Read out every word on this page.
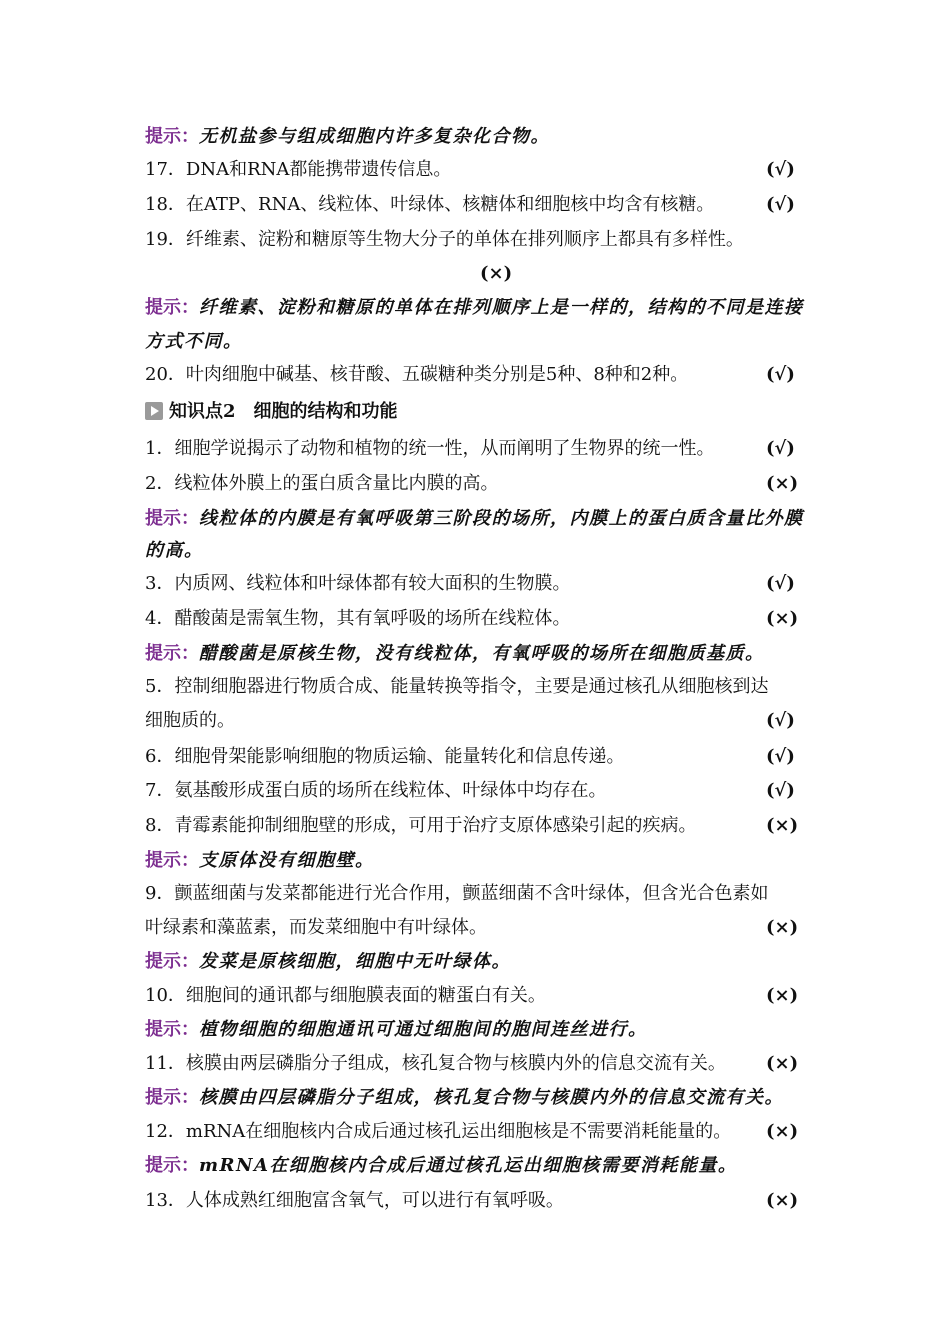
提示：无机盐参与组成细胞内许多复杂化合物。
17．DNA和RNA都能携带遗传信息。	(√)
18．在ATP、RNA、线粒体、叶绿体、核糖体和细胞核中均含有核糖。	(√)
19．纤维素、淀粉和糖原等生物大分子的单体在排列顺序上都具有多样性。
(×)
提示：纤维素、淀粉和糖原的单体在排列顺序上是一样的，结构的不同是连接
方式不同。
20．叶肉细胞中碱基、核苷酸、五碳糖种类分别是5种、8种和2种。	(√)
知识点2 细胞的结构和功能
1．细胞学说揭示了动物和植物的统一性，从而阐明了生物界的统一性。	(√)
2．线粒体外膜上的蛋白质含量比内膜的高。	(×)
提示：线粒体的内膜是有氧呼吸第三阶段的场所，内膜上的蛋白质含量比外膜
的高。
3．内质网、线粒体和叶绿体都有较大面积的生物膜。	(√)
4．醋酸菌是需氧生物，其有氧呼吸的场所在线粒体。	(×)
提示：醋酸菌是原核生物，没有线粒体，有氧呼吸的场所在细胞质基质。
5．控制细胞器进行物质合成、能量转换等指令，主要是通过核孔从细胞核到达
细胞质的。	(√)
6．细胞骨架能影响细胞的物质运输、能量转化和信息传递。	(√)
7．氨基酸形成蛋白质的场所在线粒体、叶绿体中均存在。	(√)
8．青霉素能抑制细胞壁的形成，可用于治疗支原体感染引起的疾病。	(×)
提示：支原体没有细胞壁。
9．颤蓝细菌与发菜都能进行光合作用，颤蓝细菌不含叶绿体，但含光合色素如
叶绿素和藻蓝素，而发菜细胞中有叶绿体。	(×)
提示：发菜是原核细胞，细胞中无叶绿体。
10．细胞间的通讯都与细胞膜表面的糖蛋白有关。	(×)
提示：植物细胞的细胞通讯可通过细胞间的胞间连丝进行。
11．核膜由两层磷脂分子组成，核孔复合物与核膜内外的信息交流有关。 (×)
提示：核膜由四层磷脂分子组成，核孔复合物与核膜内外的信息交流有关。
12．mRNA在细胞核内合成后通过核孔运出细胞核是不需要消耗能量的。 (×)
提示：mRNA在细胞核内合成后通过核孔运出细胞核需要消耗能量。
13．人体成熟红细胞富含氧气，可以进行有氧呼吸。	(×)
